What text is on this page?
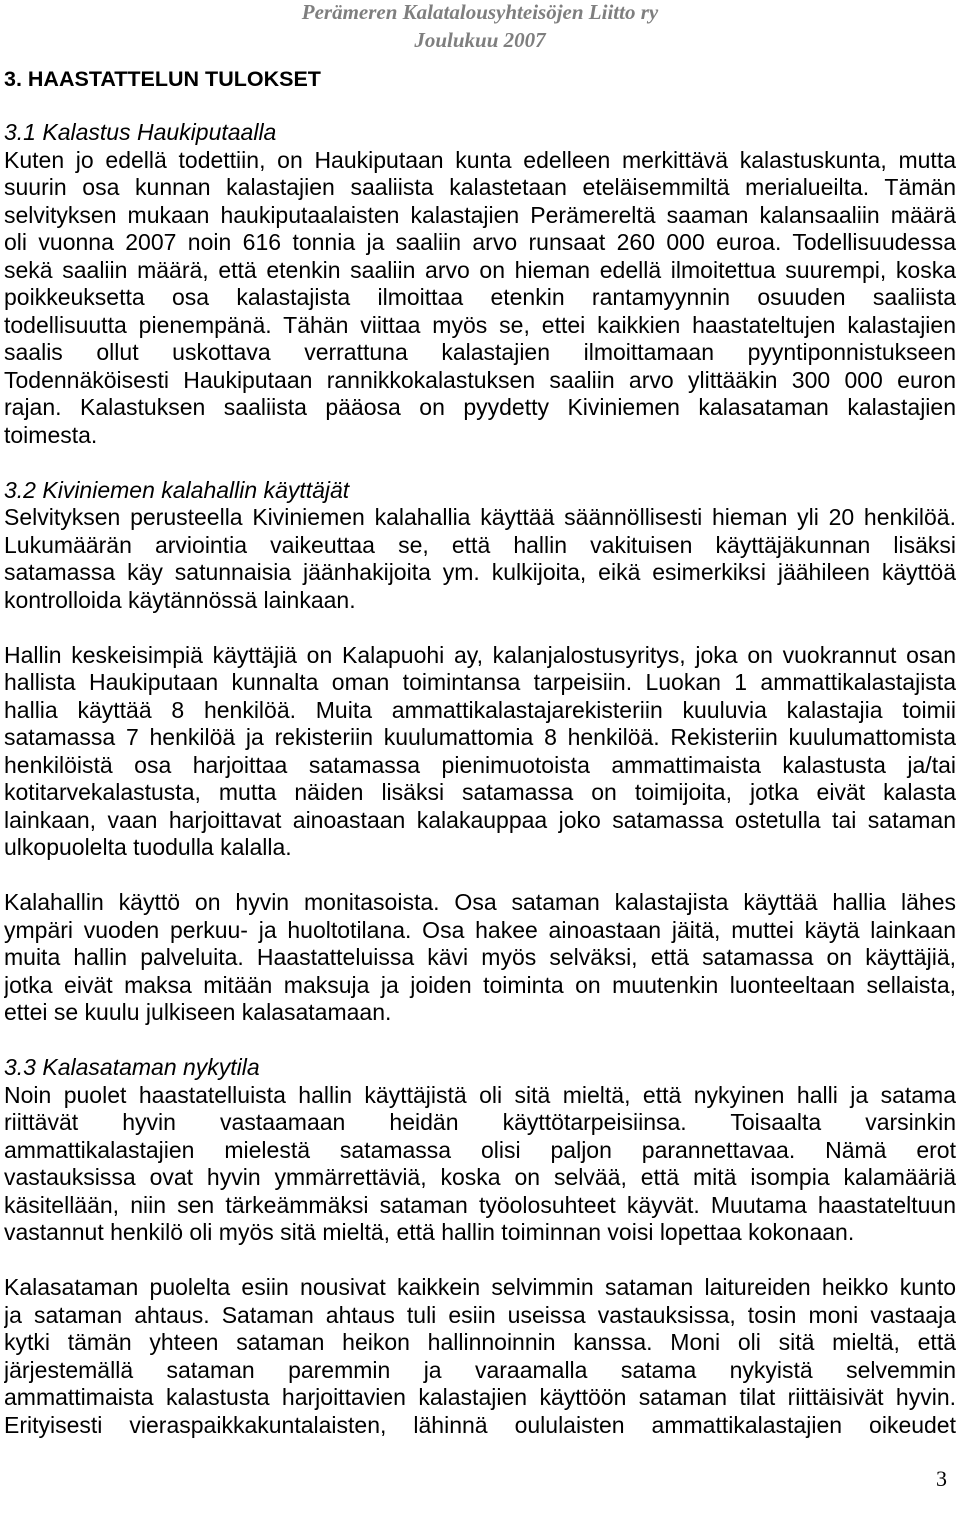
Perämeren Kalatalousyhteisöjen Liitto ry
Joulukuu 2007
3. HAASTATTELUN TULOKSET
3.1 Kalastus Haukiputaalla
Kuten jo edellä todettiin, on Haukiputaan kunta edelleen merkittävä kalastuskunta, mutta
suurin osa kunnan kalastajien saaliista kalastetaan eteläisemmiltä merialueilta. Tämän
selvityksen mukaan haukiputaalaisten kalastajien Perämereltä saaman kalansaaliin määrä
oli vuonna 2007 noin 616 tonnia ja saaliin arvo runsaat 260 000 euroa. Todellisuudessa
sekä saaliin määrä, että etenkin saaliin arvo on hieman edellä ilmoitettua suurempi, koska
poikkeuksetta osa kalastajista ilmoittaa etenkin rantamyynnin osuuden saaliista
todellisuutta pienempänä. Tähän viittaa myös se, ettei kaikkien haastateltujen kalastajien
saalis ollut uskottava verrattuna kalastajien ilmoittamaan pyyntiponnistukseen
Todennäköisesti Haukiputaan rannikkokalastuksen saaliin arvo ylittääkin 300 000 euron
rajan. Kalastuksen saaliista pääosa on pyydetty Kiviniemen kalasataman kalastajien
toimesta.
3.2 Kiviniemen kalahallin käyttäjät
Selvityksen perusteella Kiviniemen kalahallia käyttää säännöllisesti hieman yli 20 henkilöä.
Lukumäärän arviointia vaikeuttaa se, että hallin vakituisen käyttäjäkunnan lisäksi
satamassa käy satunnaisia jäänhakijoita ym. kulkijoita, eikä esimerkiksi jäähileen käyttöä
kontrolloida käytännössä lainkaan.
Hallin keskeisimpiä käyttäjiä on Kalapuohi ay, kalanjalostusyritys, joka on vuokrannut osan
hallista Haukiputaan kunnalta oman toimintansa tarpeisiin. Luokan 1 ammattikalastajista
hallia käyttää 8 henkilöä. Muita ammattikalastajarekisteriin kuuluvia kalastajia toimii
satamassa 7 henkilöä ja rekisteriin kuulumattomia 8 henkilöä. Rekisteriin kuulumattomista
henkilöistä osa harjoittaa satamassa pienimuotoista ammattimaista kalastusta ja/tai
kotitarvekalastusta, mutta näiden lisäksi satamassa on toimijoita, jotka eivät kalasta
lainkaan, vaan harjoittavat ainoastaan kalakauppaa joko satamassa ostetulla tai sataman
ulkopuolelta tuodulla kalalla.
Kalahallin käyttö on hyvin monitasoista. Osa sataman kalastajista käyttää hallia lähes
ympäri vuoden perkuu- ja huoltotilana. Osa hakee ainoastaan jäitä, muttei käytä lainkaan
muita hallin palveluita. Haastatteluissa kävi myös selväksi, että satamassa on käyttäjiä,
jotka eivät maksa mitään maksuja ja joiden toiminta on muutenkin luonteeltaan sellaista,
ettei se kuulu julkiseen kalasatamaan.
3.3 Kalasataman nykytila
Noin puolet haastatelluista hallin käyttäjistä oli sitä mieltä, että nykyinen halli ja satama
riittävät hyvin vastaamaan heidän käyttötarpeisiinsa. Toisaalta varsinkin
ammattikalastajien mielestä satamassa olisi paljon parannettavaa. Nämä erot
vastauksissa ovat hyvin ymmärrettäviä, koska on selvää, että mitä isompia kalamääriä
käsitellään, niin sen tärkeämmäksi sataman työolosuhteet käyvät. Muutama haastateltuun
vastannut henkilö oli myös sitä mieltä, että hallin toiminnan voisi lopettaa kokonaan.
Kalasataman puolelta esiin nousivat kaikkein selvimmin sataman laitureiden heikko kunto
ja sataman ahtaus. Sataman ahtaus tuli esiin useissa vastauksissa, tosin moni vastaaja
kytki tämän yhteen sataman heikon hallinnoinnin kanssa. Moni oli sitä mieltä, että
järjestemällä sataman paremmin ja varaamalla satama nykyistä selvemmin
ammattimaista kalastusta harjoittavien kalastajien käyttöön sataman tilat riittäisivät hyvin.
Erityisesti vieraspaikkakuntalaisten, lähinnä oululaisten ammattikalastajien oikeudet
3
